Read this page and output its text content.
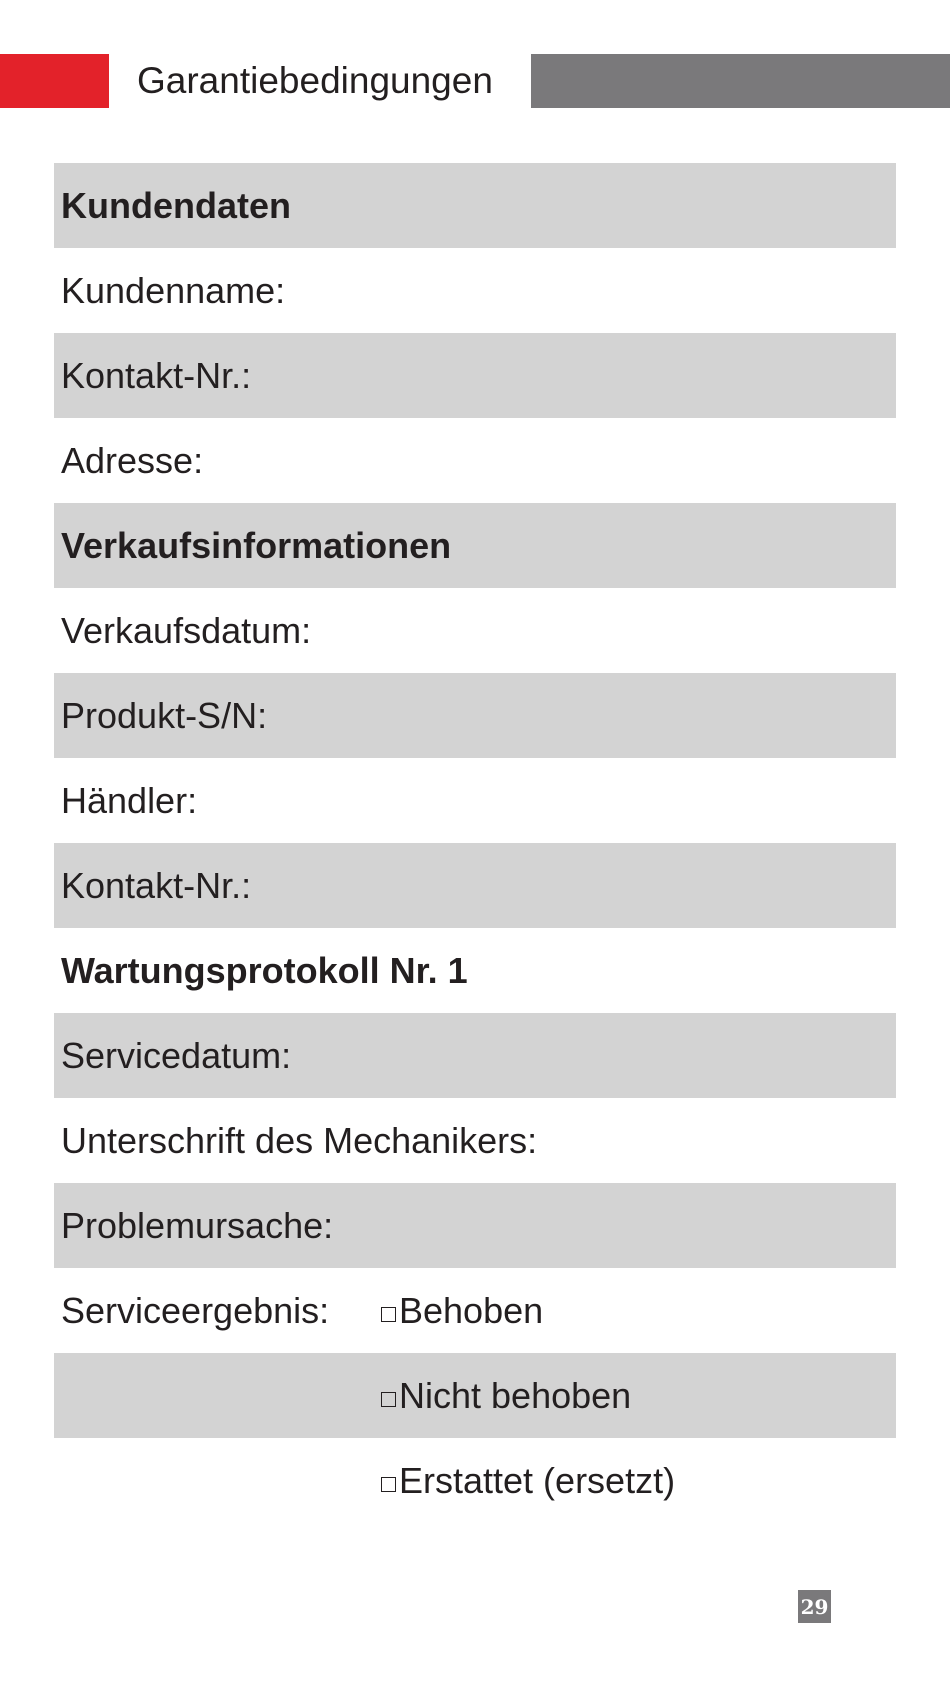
Garantiebedingungen
Kundendaten
Kundenname:
Kontakt-Nr.:
Adresse:
Verkaufsinformationen
Verkaufsdatum:
Produkt-S/N:
Händler:
Kontakt-Nr.:
Wartungsprotokoll Nr. 1
Servicedatum:
Unterschrift des Mechanikers:
Problemursache:
Serviceergebnis: Behoben
Nicht behoben
Erstattet (ersetzt)
29
